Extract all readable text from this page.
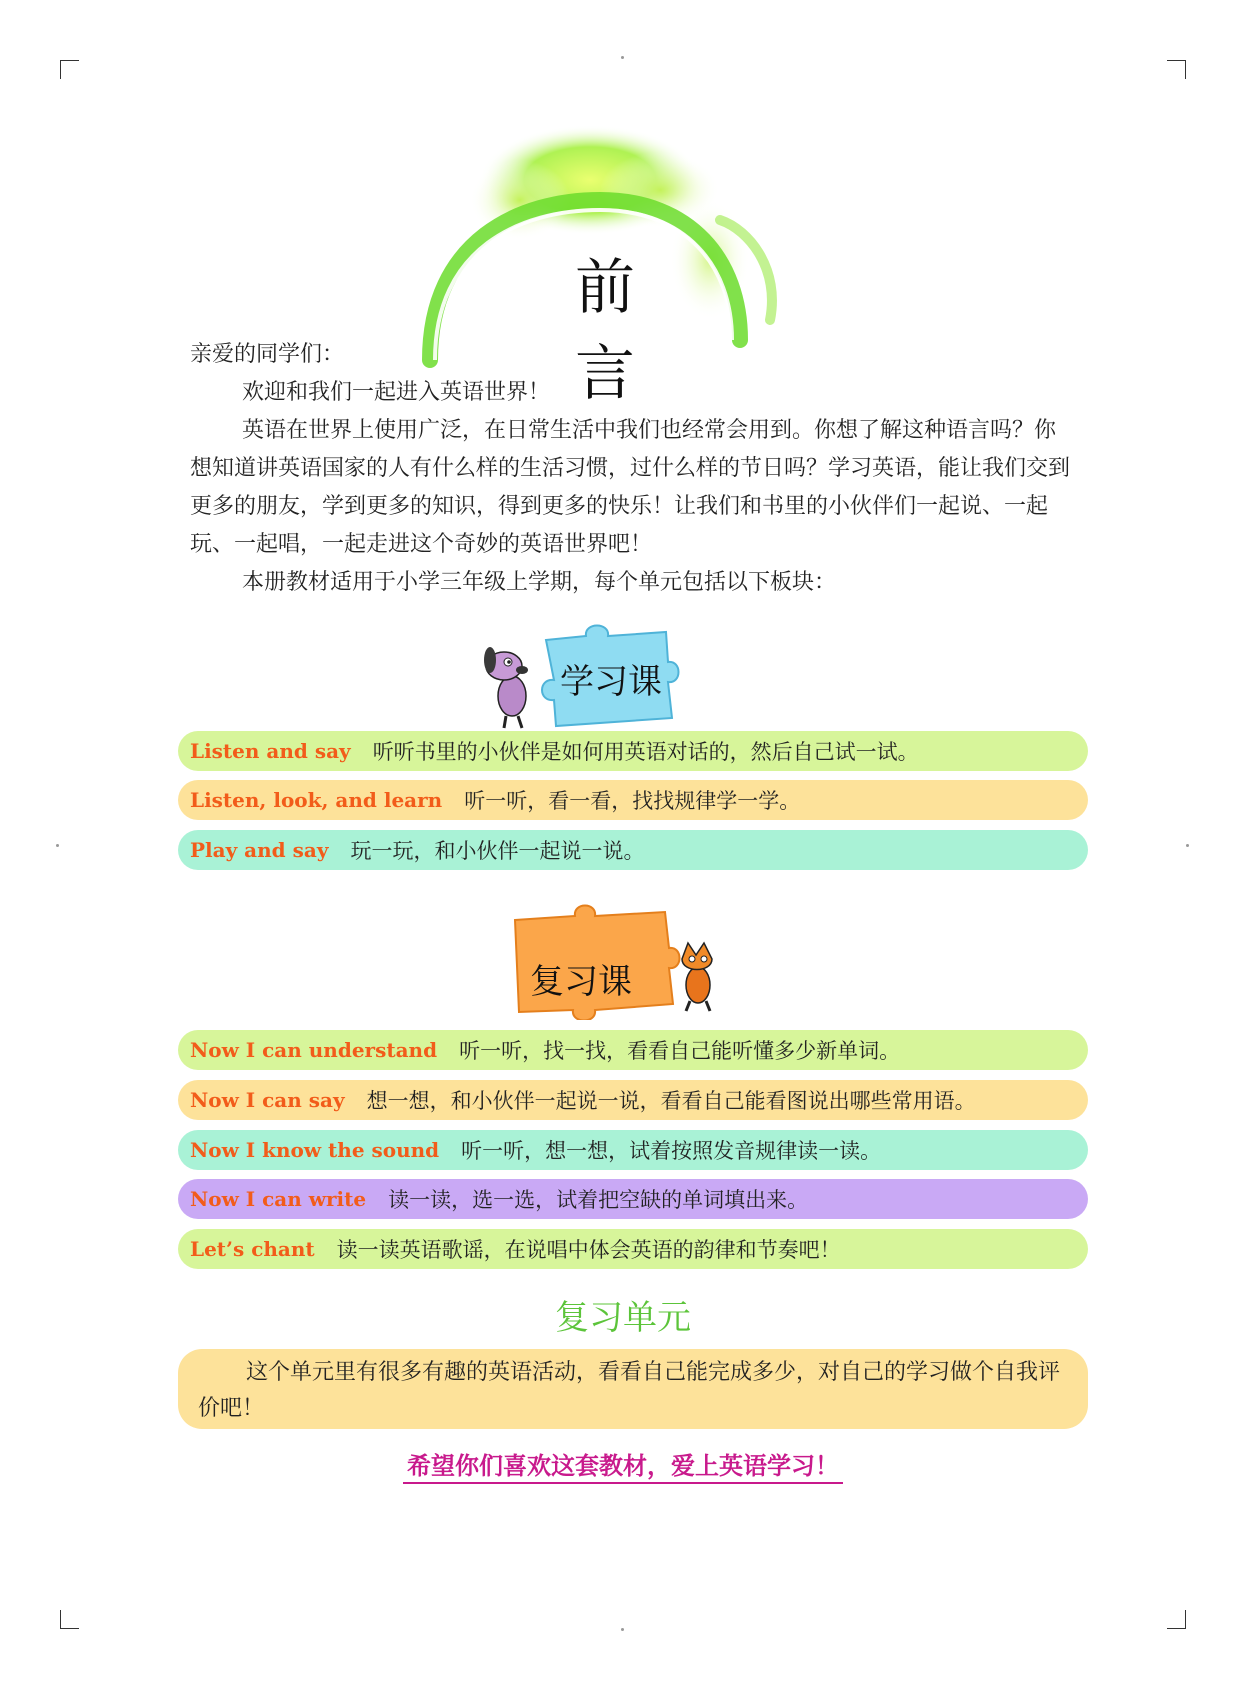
前 言

亲爱的同学们：

欢迎和我们一起进入英语世界！

英语在世界上使用广泛，在日常生活中我们也经常会用到。你想了解这种语言吗？你想知道讲英语国家的人有什么样的生活习惯，过什么样的节日吗？学习英语，能让我们交到更多的朋友，学到更多的知识，得到更多的快乐！让我们和书里的小伙伴们一起说、一起玩、一起唱，一起走进这个奇妙的英语世界吧！

本册教材适用于小学三年级上学期，每个单元包括以下板块：

学习课
Listen and say 听听书里的小伙伴是如何用英语对话的，然后自己试一试。
Listen, look, and learn 听一听，看一看，找找规律学一学。
Play and say 玩一玩，和小伙伴一起说一说。
复习课
Now I can understand 听一听，找一找，看看自己能听懂多少新单词。
Now I can say 想一想，和小伙伴一起说一说，看看自己能看图说出哪些常用语。
Now I know the sound 听一听，想一想，试着按照发音规律读一读。
Now I can write 读一读，选一选，试着把空缺的单词填出来。
Let’s chant 读一读英语歌谣，在说唱中体会英语的韵律和节奏吧！
复习单元
这个单元里有很多有趣的英语活动，看看自己能完成多少，对自己的学习做个自我评价吧！
希望你们喜欢这套教材，爱上英语学习！
